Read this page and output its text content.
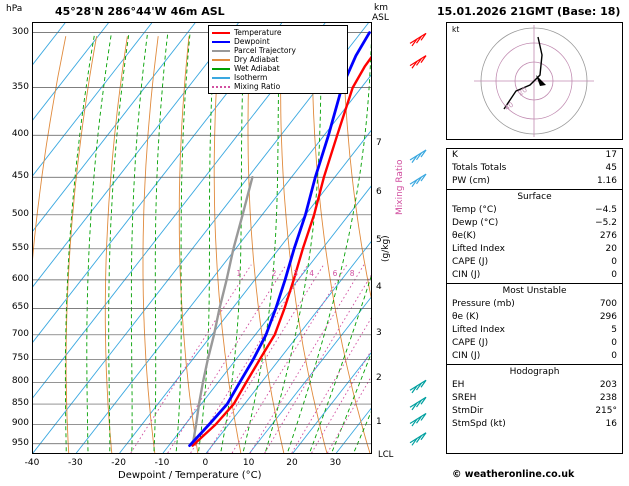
hPa	45°28'N 286°44'W 46m ASL	km
ASL	15.01.2026 21GMT (Base: 18)
Temperature
Dewpoint
Parcel Trajectory
Dry Adiabat
Wet Adiabat
Isotherm
Mixing Ratio
300
350
400
450
500
550
600
650
700
750
800
850
900
950
-40	-30	-20	-10	0	10	20	30
1
2
3
4
5
6
7
1	2 3 4 6 8
Mixing Ratio
(g/kg)
Dewpoint / Temperature (°C)
LCL
20
40
kt
K	17
Totals Totals	45
PW (cm)	1.16
Surface
Temp (°C)	−4.5
Dewp (°C)	−5.2
θe(K)	276
Lifted Index	20
CAPE (J)	0
CIN (J)	0
Most Unstable
Pressure (mb)	700
θe (K)	296
Lifted Index	5
CAPE (J)	0
CIN (J)	0
Hodograph
EH	203
SREH	238
StmDir	215°
StmSpd (kt)	16
© weatheronline.co.uk
